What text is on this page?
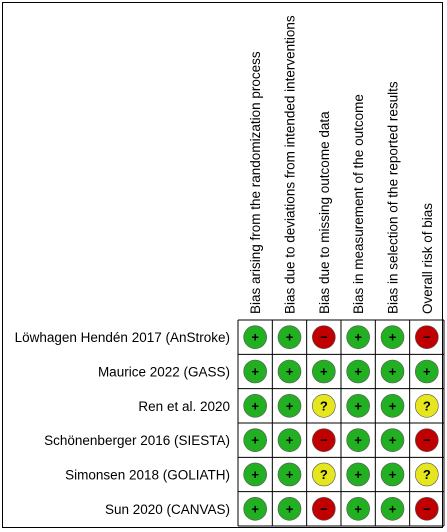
Bias arising from the randomization process Bias due to deviations from intended interventions Bias due to missing outcome data Bias in measurement of the outcome Bias in selection of the reported results Overall risk of bias
Löwhagen Hendén 2017 (AnStroke)
Maurice 2022 (GASS)
Ren et al. 2020
Schönenberger 2016 (SIESTA)
Simonsen 2018 (GOLIATH)
Sun 2020 (CANVAS)
+ + − + + −
+ + + + + +
+ + ? + + ?
+ + − + + −
+ + ? + + ?
+ + − + + −
